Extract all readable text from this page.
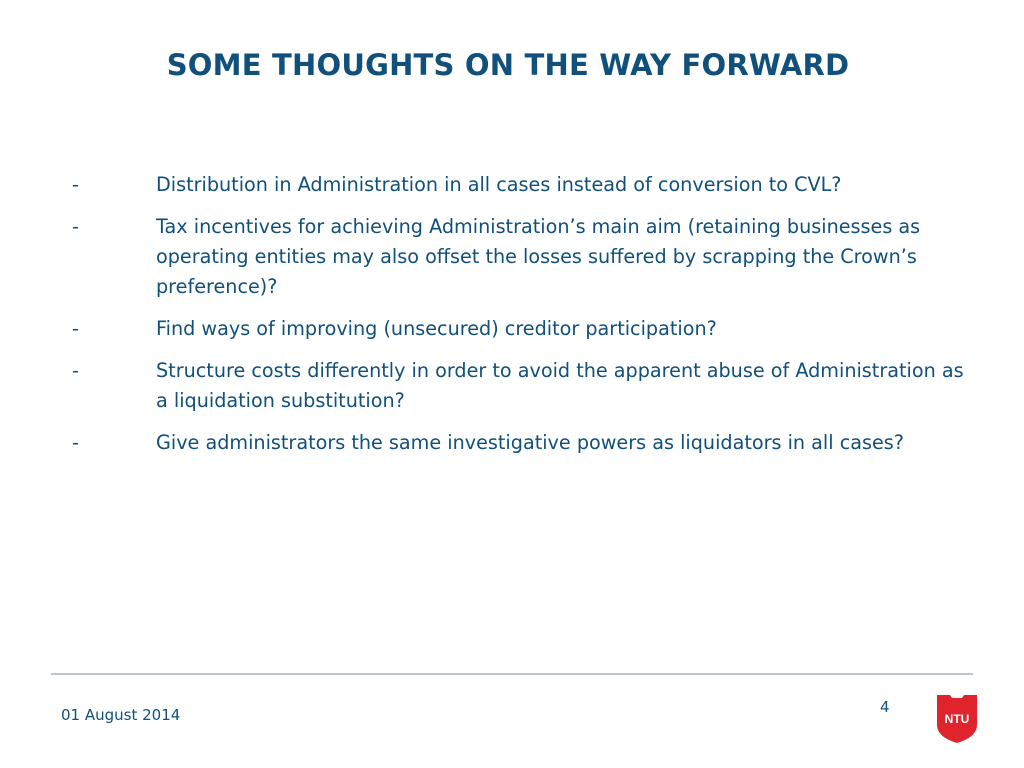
SOME THOUGHTS ON THE WAY FORWARD
-	Distribution in Administration in all cases instead of conversion to CVL?
-	Tax incentives for achieving Administration’s main aim (retaining businesses as operating entities may also offset the losses suffered by scrapping the Crown’s preference)?
-	Find ways of improving (unsecured) creditor participation?
-	Structure costs differently in order to avoid the apparent abuse of Administration as a liquidation substitution?
-	Give administrators the same investigative powers as liquidators in all cases?
01 August 2014	4
NTU
